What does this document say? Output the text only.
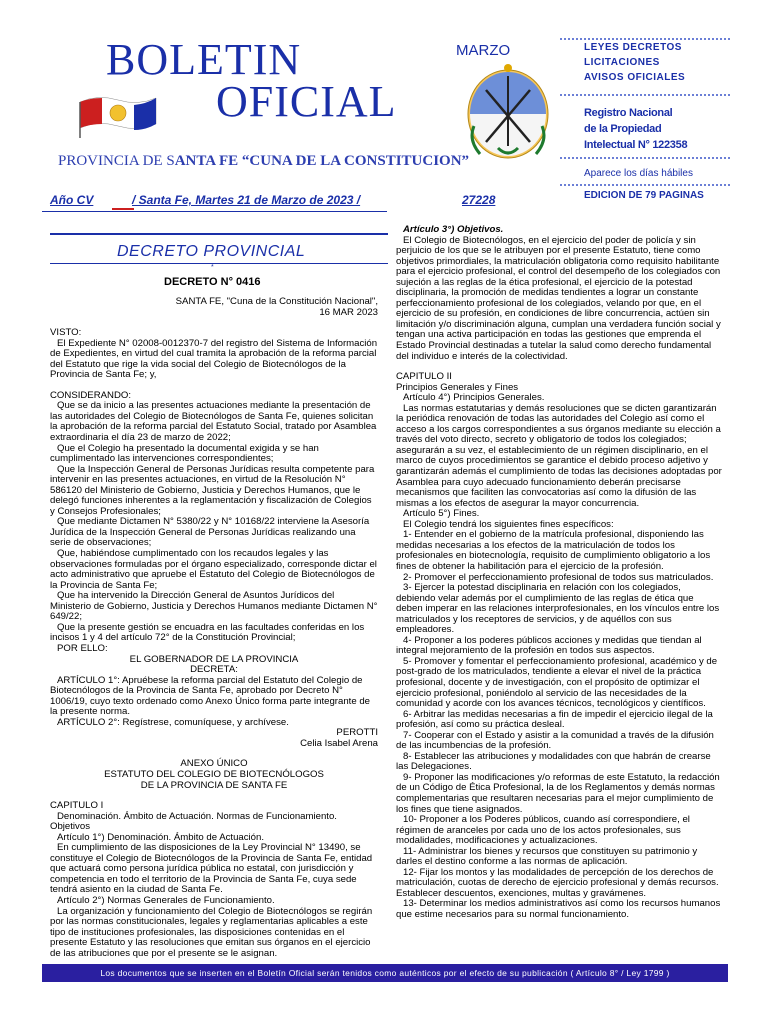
BOLETIN
OFICIAL
PROVINCIA DE SANTA FE “CUNA DE LA CONSTITUCION”
MARZO	LEYES DECRETOS
LICITACIONES
AVISOS OFICIALES
Registro Nacional
de la Propiedad
Intelectual N° 122358
Aparece los días hábiles
EDICION DE 79 PAGINAS
Año CV	/ Santa Fe, Martes 21 de Marzo de 2023 /	27228
DECRETO PROVINCIAL
*
DECRETO N° 0416

SANTA FE, "Cuna de la Constitución Nacional",

16 MAR 2023

VISTO:

El Expediente N° 02008-0012370-7 del registro del Sistema de Información de Expedientes, en virtud del cual tramita la aprobación de la reforma parcial del Estatuto que rige la vida social del Colegio de Biotecnólogos de la Provincia de Santa Fe; y,

CONSIDERANDO:

Que se da inicio a las presentes actuaciones mediante la presentación de las autoridades del Colegio de Biotecnólogos de Santa Fe, quienes solicitan la aprobación de la reforma parcial del Estatuto Social, tratado por Asamblea extraordinaria el día 23 de marzo de 2022;

Que el Colegio ha presentado la documental exigida y se han cumplimentado las intervenciones correspondientes;

Que la Inspección General de Personas Jurídicas resulta competente para intervenir en las presentes actuaciones, en virtud de la Resolución N° 586120 del Ministerio de Gobierno, Justicia y Derechos Humanos, que le delegó funciones inherentes a la reglamentación y fiscalización de Colegios y Consejos Profesionales;

Que mediante Dictamen N° 5380/22 y N° 10168/22 interviene la Asesoría Jurídica de la Inspección General de Personas Jurídicas realizando una serie de observaciones;

Que, habiéndose cumplimentado con los recaudos legales y las observaciones formuladas por el órgano especializado, corresponde dictar el acto administrativo que apruebe el Estatuto del Colegio de Biotecnólogos de la Provincia de Santa Fe;

Que ha intervenido la Dirección General de Asuntos Jurídicos del Ministerio de Gobierno, Justicia y Derechos Humanos mediante Dictamen N° 649/22;

Que la presente gestión se encuadra en las facultades conferidas en los incisos 1 y 4 del artículo 72° de la Constitución Provincial;

POR ELLO:

EL GOBERNADOR DE LA PROVINCIA

DECRETA:

ARTÍCULO 1°: Apruébese la reforma parcial del Estatuto del Colegio de Biotecnólogos de la Provincia de Santa Fe, aprobado por Decreto N° 1006/19, cuyo texto ordenado como Anexo Único forma parte integrante de la presente norma.

ARTÍCULO 2°: Regístrese, comuníquese, y archívese.

PEROTTI

Celia Isabel Arena

ANEXO ÚNICO

ESTATUTO DEL COLEGIO DE BIOTECNÓLOGOS

DE LA PROVINCIA DE SANTA FE

CAPITULO I

Denominación. Ámbito de Actuación. Normas de Funcionamiento. Objetivos

Artículo 1°) Denominación. Ámbito de Actuación.

En cumplimiento de las disposiciones de la Ley Provincial N° 13490, se constituye el Colegio de Biotecnólogos de la Provincia de Santa Fe, entidad que actuará como persona jurídica pública no estatal, con jurisdicción y competencia en todo el territorio de la Provincia de Santa Fe, cuya sede tendrá asiento en la ciudad de Santa Fe.

Artículo 2°) Normas Generales de Funcionamiento.

La organización y funcionamiento del Colegio de Biotecnólogos se regirán por las normas constitucionales, legales y reglamentarias aplicables a este tipo de instituciones profesionales, las disposiciones contenidas en el presente Estatuto y las resoluciones que emitan sus órganos en el ejercicio de las atribuciones que por el presente se le asignan.

Artículo 3°) Objetivos.

El Colegio de Biotecnólogos, en el ejercicio del poder de policía y sin perjuicio de los que se le atribuyen por el presente Estatuto, tiene como objetivos primordiales, la matriculación obligatoria como requisito habilitante para el ejercicio profesional, el control del desempeño de los colegiados con sujeción a las reglas de la ética profesional, el ejercicio de la potestad disciplinaria, la promoción de medidas tendientes a lograr un constante perfeccionamiento profesional de los colegiados, velando por que, en el ejercicio de su profesión, en condiciones de libre concurrencia, actúen sin limitación y/o discriminación alguna, cumplan una verdadera función social y tengan una activa participación en todas las gestiones que emprenda el Estado Provincial destinadas a tutelar la salud como derecho fundamental del individuo e interés de la colectividad.

CAPITULO II

Principios Generales y Fines

Artículo 4°) Principios Generales.

Las normas estatutarias y demás resoluciones que se dicten garantizarán la periódica renovación de todas las autoridades del Colegio así como el acceso a los cargos correspondientes a sus órganos mediante su elección a través del voto directo, secreto y obligatorio de todos los colegiados; asegurarán a su vez, el establecimiento de un régimen disciplinario, en el marco de cuyos procedimientos se garantice el debido proceso adjetivo y garantizarán además el cumplimiento de todas las decisiones adoptadas por Asamblea para cuyo adecuado funcionamiento deberán precisarse mecanismos que faciliten las convocatorias así como la difusión de las mismas a los efectos de asegurar la mayor concurrencia.

Artículo 5°) Fines.

El Colegio tendrá los siguientes fines específicos:

1- Entender en el gobierno de la matrícula profesional, disponiendo las medidas necesarias a los efectos de la matriculación de todos los profesionales en biotecnología, requisito de cumplimiento obligatorio a los fines de obtener la habilitación para el ejercicio de la profesión.

2- Promover el perfeccionamiento profesional de todos sus matriculados.

3- Ejercer la potestad disciplinaria en relación con los colegiados, debiendo velar además por el cumplimiento de las reglas de ética que deben imperar en las relaciones interprofesionales, en los vínculos entre los matriculados y los receptores de servicios, y de aquéllos con sus empleadores.

4- Proponer a los poderes públicos acciones y medidas que tiendan al integral mejoramiento de la profesión en todos sus aspectos.

5- Promover y fomentar el perfeccionamiento profesional, académico y de post-grado de los matriculados, tendiente a elevar el nivel de la práctica profesional, docente y de investigación, con el propósito de optimizar el ejercicio profesional, poniéndolo al servicio de las necesidades de la comunidad y acorde con los avances técnicos, tecnológicos y científicos.

6- Arbitrar las medidas necesarias a fin de impedir el ejercicio ilegal de la profesión, así como su práctica desleal.

7- Cooperar con el Estado y asistir a la comunidad a través de la difusión de las incumbencias de la profesión.

8- Establecer las atribuciones y modalidades con que habrán de crearse las Delegaciones.

9- Proponer las modificaciones y/o reformas de este Estatuto, la redacción de un Código de Ética Profesional, la de los Reglamentos y demás normas complementarias que resultaren necesarias para el mejor cumplimiento de los fines que tiene asignados.

10- Proponer a los Poderes públicos, cuando así correspondiere, el régimen de aranceles por cada uno de los actos profesionales, sus modalidades, modificaciones y actualizaciones.

11- Administrar los bienes y recursos que constituyen su patrimonio y darles el destino conforme a las normas de aplicación.

12- Fijar los montos y las modalidades de percepción de los derechos de matriculación, cuotas de derecho de ejercicio profesional y demás recursos. Establecer descuentos, exenciones, multas y gravámenes.

13- Determinar los medios administrativos así como los recursos humanos que estime necesarios para su normal funcionamiento.

Los documentos que se inserten en el Boletín Oficial serán tenidos como auténticos por el efecto de su publicación ( Artículo 8° / Ley 1799 )
